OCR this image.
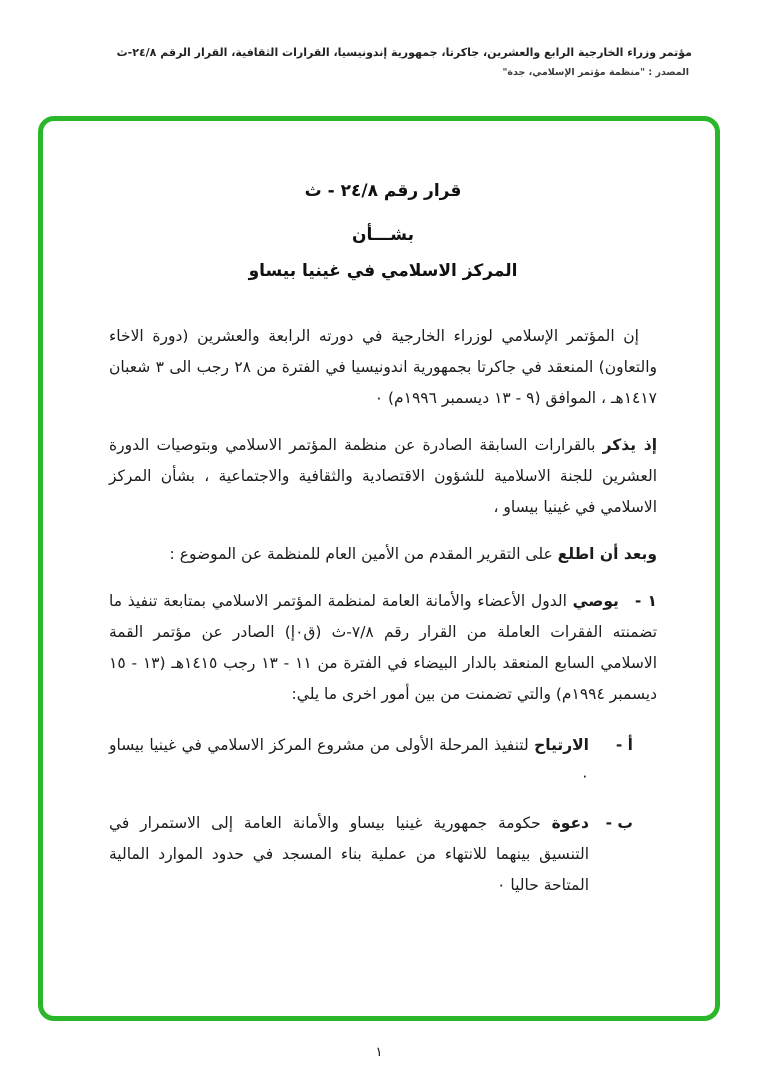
مؤتمر وزراء الخارجية الرابع والعشرين، جاكرتا، جمهورية إندونيسيا، القرارات الثقافية، القرار الرقم ٢٤/٨-ث
المصدر : "منظمة مؤتمر الإسلامي، جدة"
قرار رقم ٢٤/٨ - ث
بشـــأن
المركز الاسلامي في غينيا بيساو

إن المؤتمر الإسلامي لوزراء الخارجية في دورته الرابعة والعشرين (دورة الاخاء والتعاون) المنعقد في جاكرتا بجمهورية اندونيسيا في الفترة من ٢٨ رجب الى ٣ شعبان ١٤١٧هـ ، الموافق (٩ - ١٣ ديسمبر ١٩٩٦م) ٠

إذ يذكر بالقرارات السابقة الصادرة عن منظمة المؤتمر الاسلامي وبتوصيات الدورة العشرين للجنة الاسلامية للشؤون الاقتصادية والثقافية والاجتماعية ، بشأن المركز الاسلامي في غينيا بيساو ،

وبعد أن اطلع على التقرير المقدم من الأمين العام للمنظمة عن الموضوع :

١ -يوصي الدول الأعضاء والأمانة العامة لمنظمة المؤتمر الاسلامي بمتابعة تنفيذ ما تضمنته الفقرات العاملة من القرار رقم ٧/٨-ث (ق٠إ) الصادر عن مؤتمر القمة الاسلامي السابع المنعقد بالدار البيضاء في الفترة من ١١ - ١٣ رجب ١٤١٥هـ (١٣ - ١٥ ديسمبر ١٩٩٤م) والتي تضمنت من بين أمور اخرى ما يلي:

أ -
الارتياح لتنفيذ المرحلة الأولى من مشروع المركز الاسلامي في غينيا بيساو ٠
ب -
دعوة حكومة جمهورية غينيا بيساو والأمانة العامة إلى الاستمرار في التنسيق بينهما للانتهاء من عملية بناء المسجد في حدود الموارد المالية المتاحة حاليا ٠
١
